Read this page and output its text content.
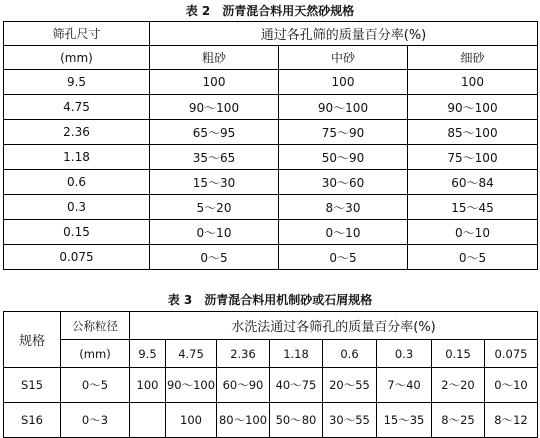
表 2　沥青混合料用天然砂规格
筛孔尺寸	通过各孔筛的质量百分率(%)		
(mm)	粗砂	中砂	细砂
9.5	100	100	100
4.75	90～100	90～100	90～100
2.36	65～95	75～90	85～100
1.18	35～65	50～90	75～100
0.6	15～30	30～60	60～84
0.3	5～20	8～30	15～45
0.15	0～10	0～10	0～10
0.075	0～5	0～5	0～5
表 3　沥青混合料用机制砂或石屑规格
规格	公称粒径	水洗法通过各筛孔的质量百分率(%)							
	(mm)	9.5	4.75	2.36	1.18	0.6	0.3	0.15	0.075
S15	0～5	100	90～100	60～90	40～75	20～55	7～40	2～20	0～10
S16	0～3		100	80～100	50～80	30～55	15～35	8～25	8～12
